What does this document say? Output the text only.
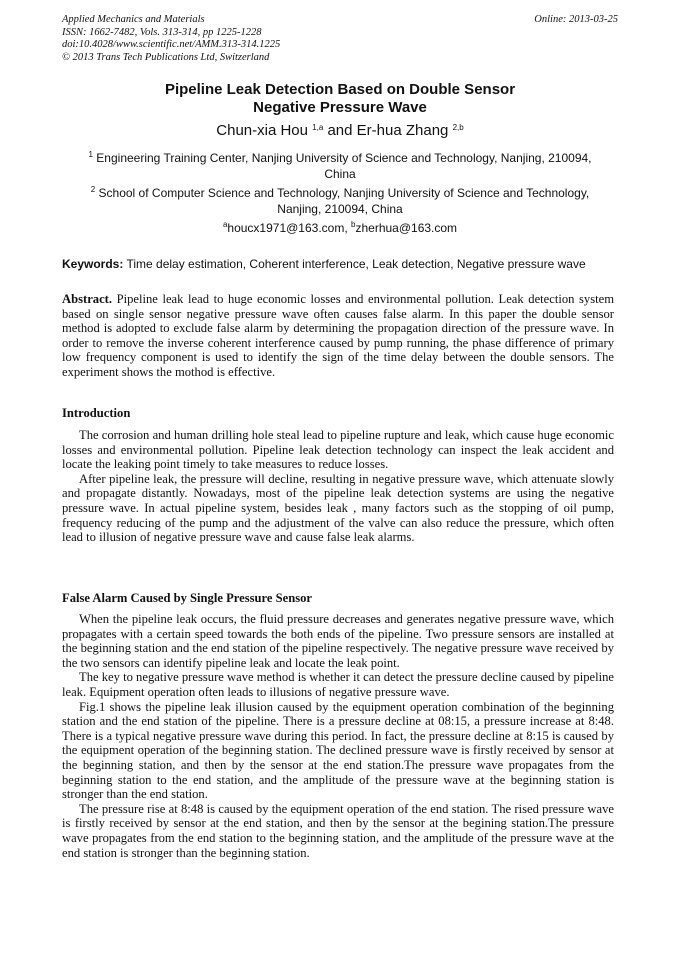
Applied Mechanics and Materials
ISSN: 1662-7482, Vols. 313-314, pp 1225-1228
doi:10.4028/www.scientific.net/AMM.313-314.1225
© 2013 Trans Tech Publications Ltd, Switzerland
Online: 2013-03-25
Pipeline Leak Detection Based on Double Sensor
Negative Pressure Wave
Chun-xia Hou $^{1,a}$ and Er-hua Zhang $^{2,b}$
$^1$ Engineering Training Center, Nanjing University of Science and Technology, Nanjing, 210094,
China
$^2$ School of Computer Science and Technology, Nanjing University of Science and Technology,
Nanjing, 210094, China
$^a$houcx1971@163.com, $^b$zherhua@163.com
Keywords: Time delay estimation, Coherent interference, Leak detection, Negative pressure wave

Abstract. Pipeline leak lead to huge economic losses and environmental pollution. Leak detection system based on single sensor negative pressure wave often causes false alarm. In this paper the double sensor method is adopted to exclude false alarm by determining the propagation direction of the pressure wave. In order to remove the inverse coherent interference caused by pump running, the phase difference of primary low frequency component is used to identify the sign of the time delay between the double sensors. The experiment shows the mothod is effective.

Introduction

The corrosion and human drilling hole steal lead to pipeline rupture and leak, which cause huge economic losses and environmental pollution. Pipeline leak detection technology can inspect the leak accident and locate the leaking point timely to take measures to reduce losses.

After pipeline leak, the pressure will decline, resulting in negative pressure wave, which attenuate slowly and propagate distantly. Nowadays, most of the pipeline leak detection systems are using the negative pressure wave. In actual pipeline system, besides leak , many factors such as the stopping of oil pump, frequency reducing of the pump and the adjustment of the valve can also reduce the pressure, which often lead to illusion of negative pressure wave and cause false leak alarms.

False Alarm Caused by Single Pressure Sensor

When the pipeline leak occurs, the fluid pressure decreases and generates negative pressure wave, which propagates with a certain speed towards the both ends of the pipeline. Two pressure sensors are installed at the beginning station and the end station of the pipeline respectively. The negative pressure wave received by the two sensors can identify pipeline leak and locate the leak point.

The key to negative pressure wave method is whether it can detect the pressure decline caused by pipeline leak. Equipment operation often leads to illusions of negative pressure wave.

Fig.1 shows the pipeline leak illusion caused by the equipment operation combination of the beginning station and the end station of the pipeline. There is a pressure decline at 08:15, a pressure increase at 8:48. There is a typical negative pressure wave during this period. In fact, the pressure decline at 8:15 is caused by the equipment operation of the beginning station. The declined pressure wave is firstly received by sensor at the beginning station, and then by the sensor at the end station.The pressure wave propagates from the beginning station to the end station, and the amplitude of the pressure wave at the beginning station is stronger than the end station.

The pressure rise at 8:48 is caused by the equipment operation of the end station. The rised pressure wave is firstly received by sensor at the end station, and then by the sensor at the begining station.The pressure wave propagates from the end station to the beginning station, and the amplitude of the pressure wave at the end station is stronger than the beginning station.
